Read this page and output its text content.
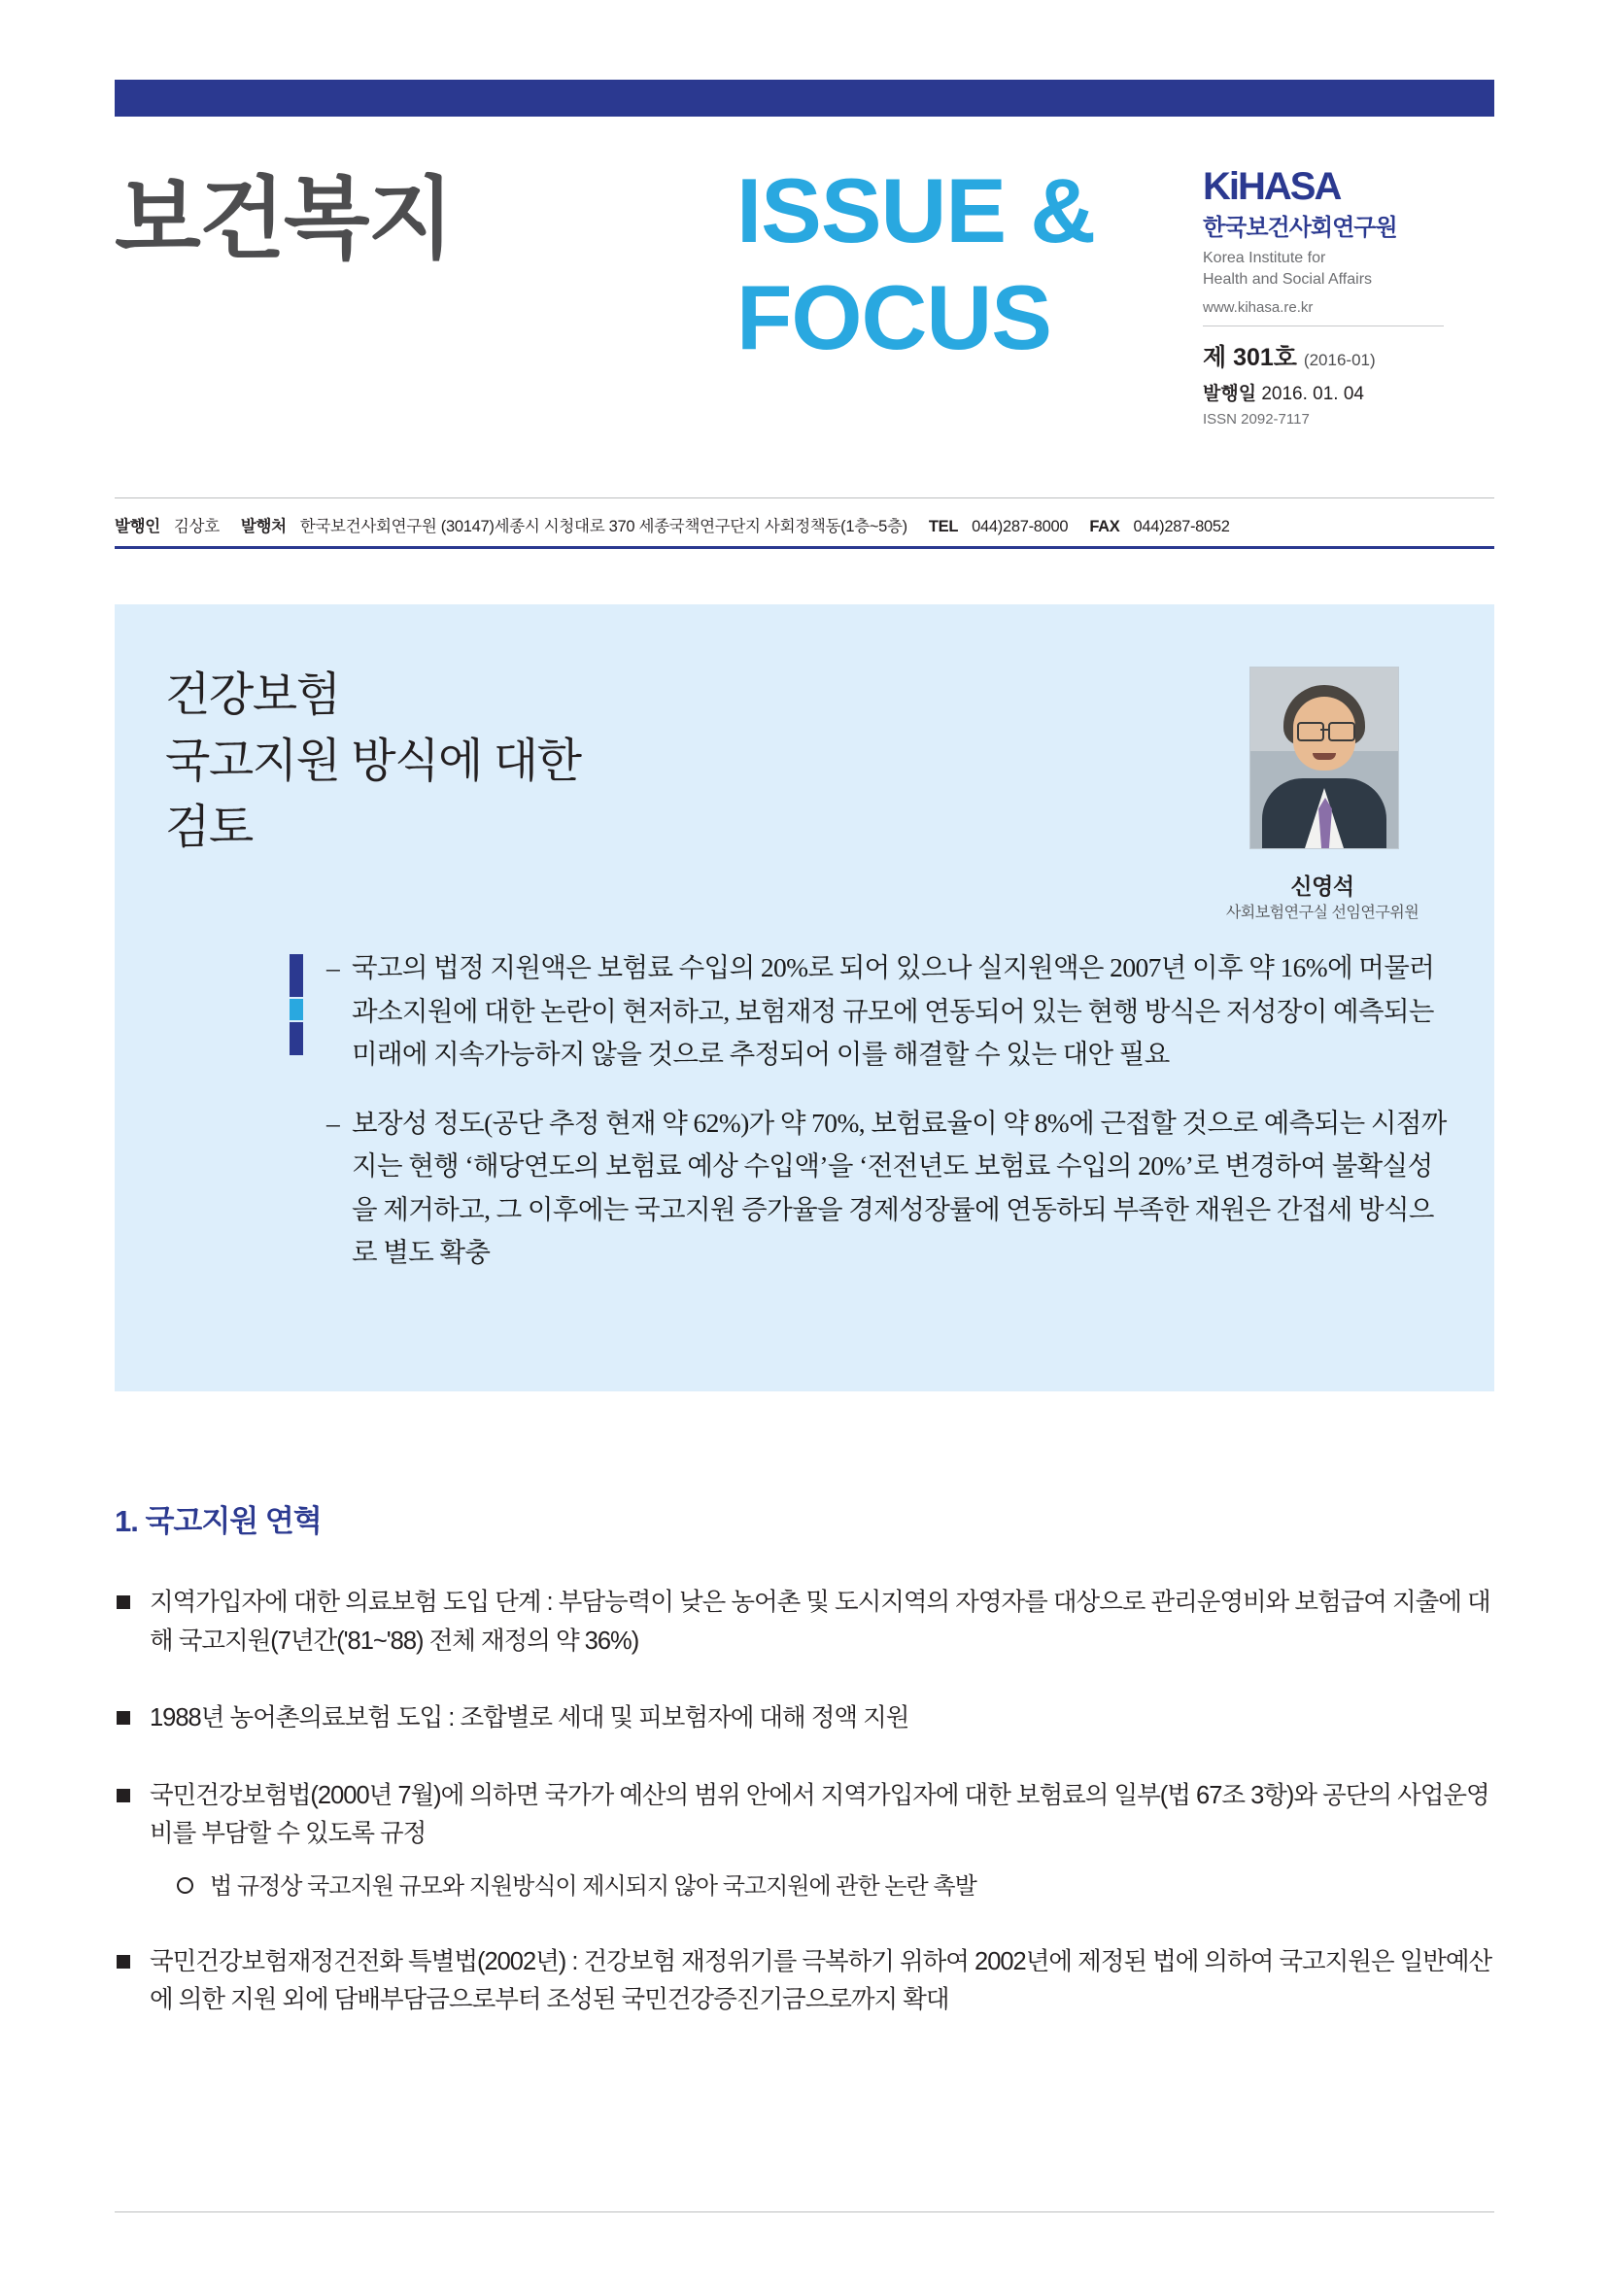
보건복지	ISSUE &
FOCUS
KiHASA
한국보건사회연구원
Korea Institute for
Health and Social Affairs
www.kihasa.re.kr
제 301호 (2016-01)
발행일 2016. 01. 04
ISSN 2092-7117
발행인 김상호 발행처 한국보건사회연구원 (30147)세종시 시청대로 370 세종국책연구단지 사회정책동(1층~5층) TEL 044)287-8000 FAX 044)287-8052
건강보험
국고지원 방식에 대한
검토
신영석
사회보험연구실 선임연구위원
– 국고의 법정 지원액은 보험료 수입의 20%로 되어 있으나 실지원액은 2007년 이후 약 16%에 머물러 과소지원에 대한 논란이 현저하고, 보험재정 규모에 연동되어 있는 현행 방식은 저성장이 예측되는 미래에 지속가능하지 않을 것으로 추정되어 이를 해결할 수 있는 대안 필요
– 보장성 정도(공단 추정 현재 약 62%)가 약 70%, 보험료율이 약 8%에 근접할 것으로 예측되는 시점까지는 현행 ‘해당연도의 보험료 예상 수입액’을 ‘전전년도 보험료 수입의 20%’로 변경하여 불확실성을 제거하고, 그 이후에는 국고지원 증가율을 경제성장률에 연동하되 부족한 재원은 간접세 방식으로 별도 확충
1. 국고지원 연혁
지역가입자에 대한 의료보험 도입 단계 : 부담능력이 낮은 농어촌 및 도시지역의 자영자를 대상으로 관리운영비와 보험급여 지출에 대해 국고지원(7년간('81~'88) 전체 재정의 약 36%)
1988년 농어촌의료보험 도입 : 조합별로 세대 및 피보험자에 대해 정액 지원
국민건강보험법(2000년 7월)에 의하면 국가가 예산의 범위 안에서 지역가입자에 대한 보험료의 일부(법 67조 3항)와 공단의 사업운영비를 부담할 수 있도록 규정
법 규정상 국고지원 규모와 지원방식이 제시되지 않아 국고지원에 관한 논란 촉발
국민건강보험재정건전화 특별법(2002년) : 건강보험 재정위기를 극복하기 위하여 2002년에 제정된 법에 의하여 국고지원은 일반예산에 의한 지원 외에 담배부담금으로부터 조성된 국민건강증진기금으로까지 확대
